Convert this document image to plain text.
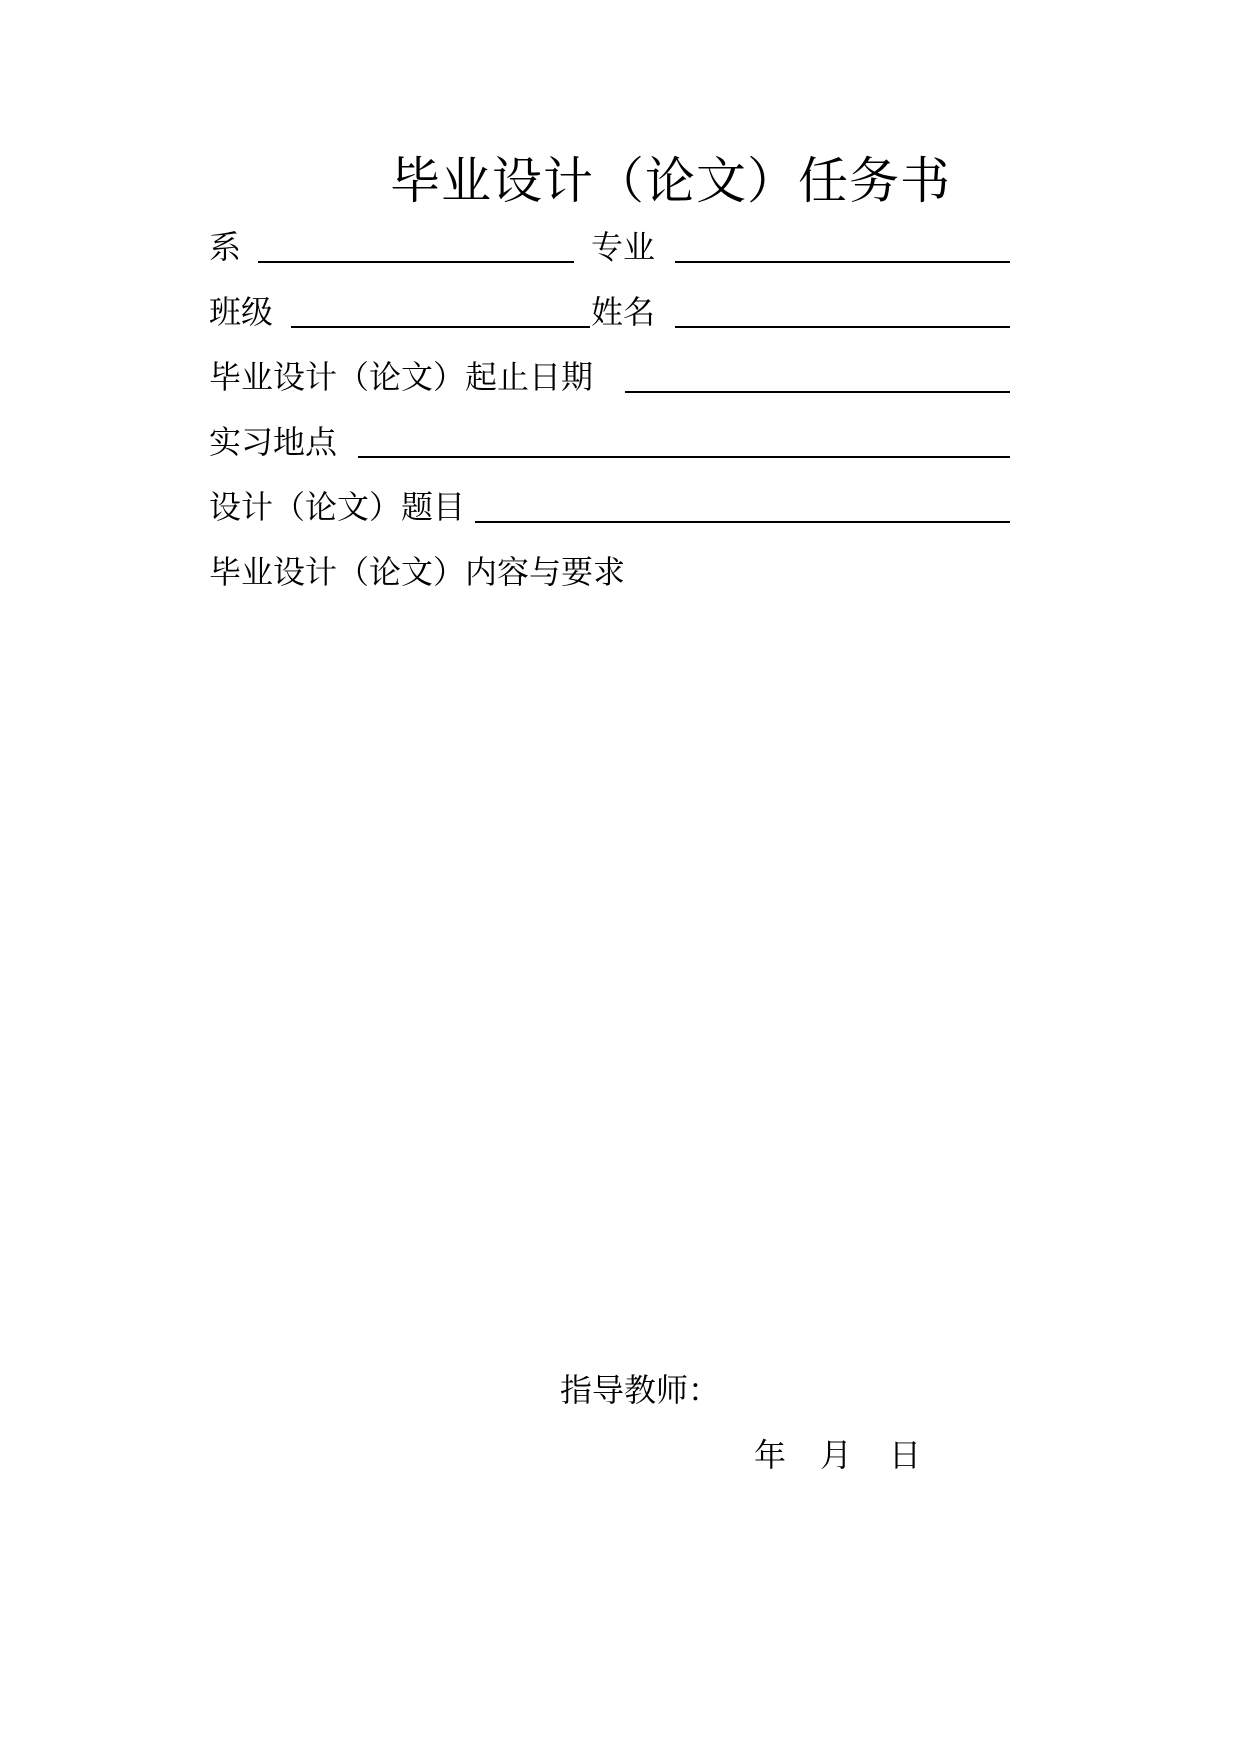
毕业设计（论文）任务书
系	专业
班级	姓名
毕业设计（论文）起止日期
实习地点
设计（论文）题目
毕业设计（论文）内容与要求
指导教师：
年 月 日
